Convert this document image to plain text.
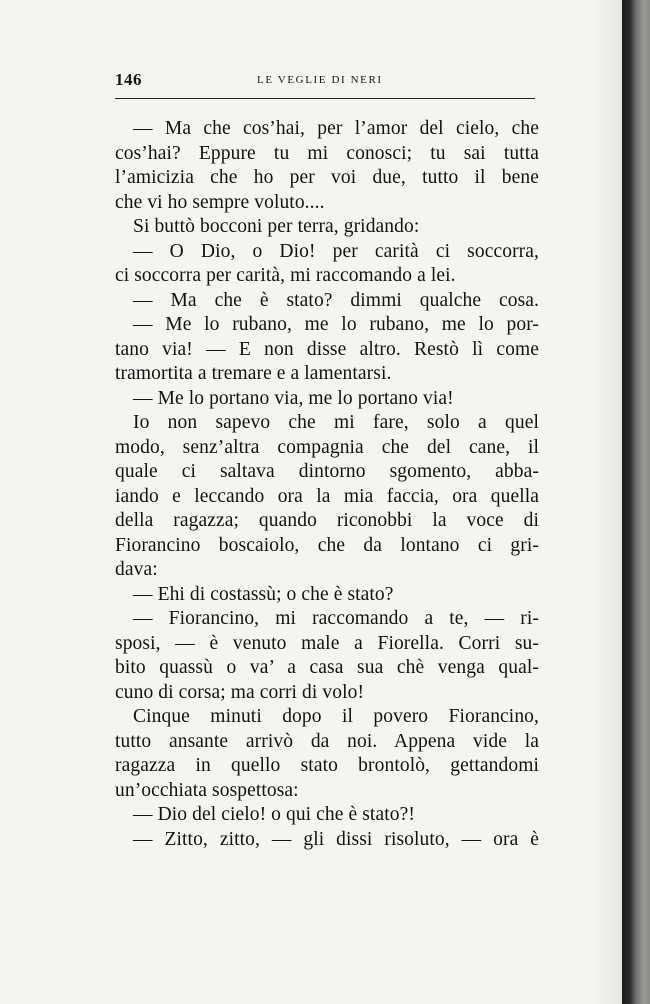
146	LE VEGLIE DI NERI
— Ma che cos’hai, per l’amor del cielo, che
cos’hai? Eppure tu mi conosci; tu sai tutta
l’amicizia che ho per voi due, tutto il bene
che vi ho sempre voluto....
Si buttò bocconi per terra, gridando:
— O Dio, o Dio! per carità ci soccorra,
ci soccorra per carità, mi raccomando a lei.
— Ma che è stato? dimmi qualche cosa.
— Me lo rubano, me lo rubano, me lo por-
tano via! — E non disse altro. Restò lì come
tramortita a tremare e a lamentarsi.
— Me lo portano via, me lo portano via!
Io non sapevo che mi fare, solo a quel
modo, senz’altra compagnia che del cane, il
quale ci saltava dintorno sgomento, abba-
iando e leccando ora la mia faccia, ora quella
della ragazza; quando riconobbi la voce di
Fiorancino boscaiolo, che da lontano ci gri-
dava:
— Ehi di costassù; o che è stato?
— Fiorancino, mi raccomando a te, — ri-
sposi, — è venuto male a Fiorella. Corri su-
bito quassù o va’ a casa sua chè venga qual-
cuno di corsa; ma corri di volo!
Cinque minuti dopo il povero Fiorancino,
tutto ansante arrivò da noi. Appena vide la
ragazza in quello stato brontolò, gettandomi
un’occhiata sospettosa:
— Dio del cielo! o qui che è stato?!
— Zitto, zitto, — gli dissi risoluto, — ora è
